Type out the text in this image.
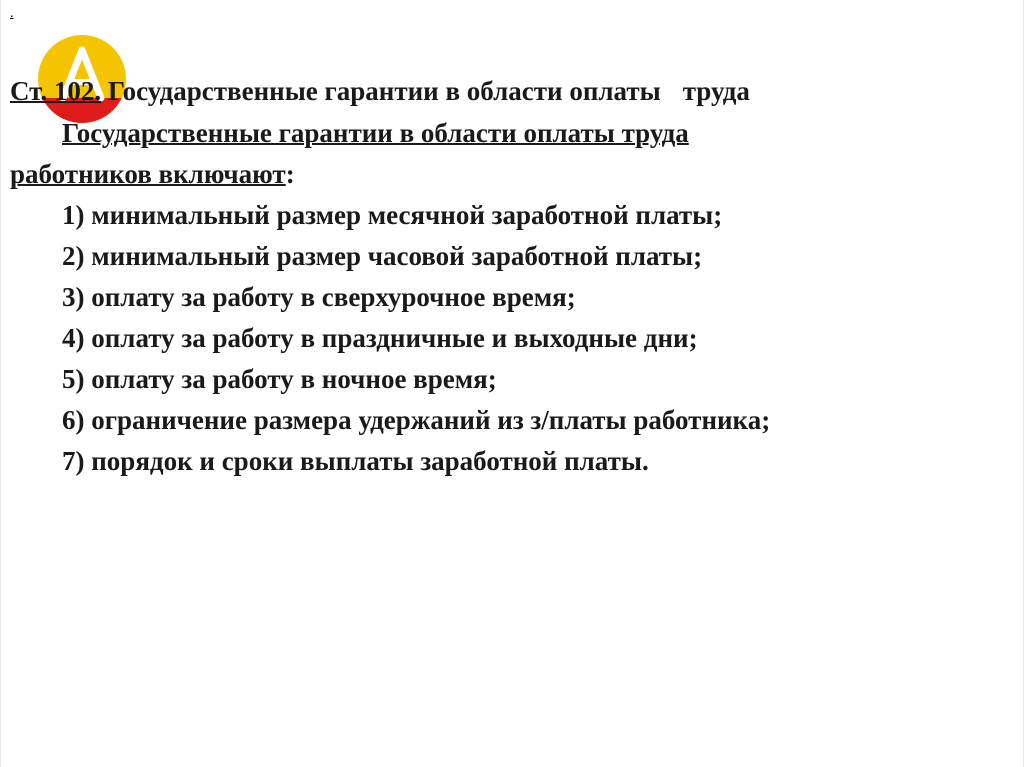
.
Ст. 102. Государственные гарантии в области оплаты труда
Государственные гарантии в области оплаты труда
работников включают:
1) минимальный размер месячной заработной платы;
2) минимальный размер часовой заработной платы;
3) оплату за работу в сверхурочное время;
4) оплату за работу в праздничные и выходные дни;
5) оплату за работу в ночное время;
6) ограничение размера удержаний из з/платы работника;
7) порядок и сроки выплаты заработной платы.
